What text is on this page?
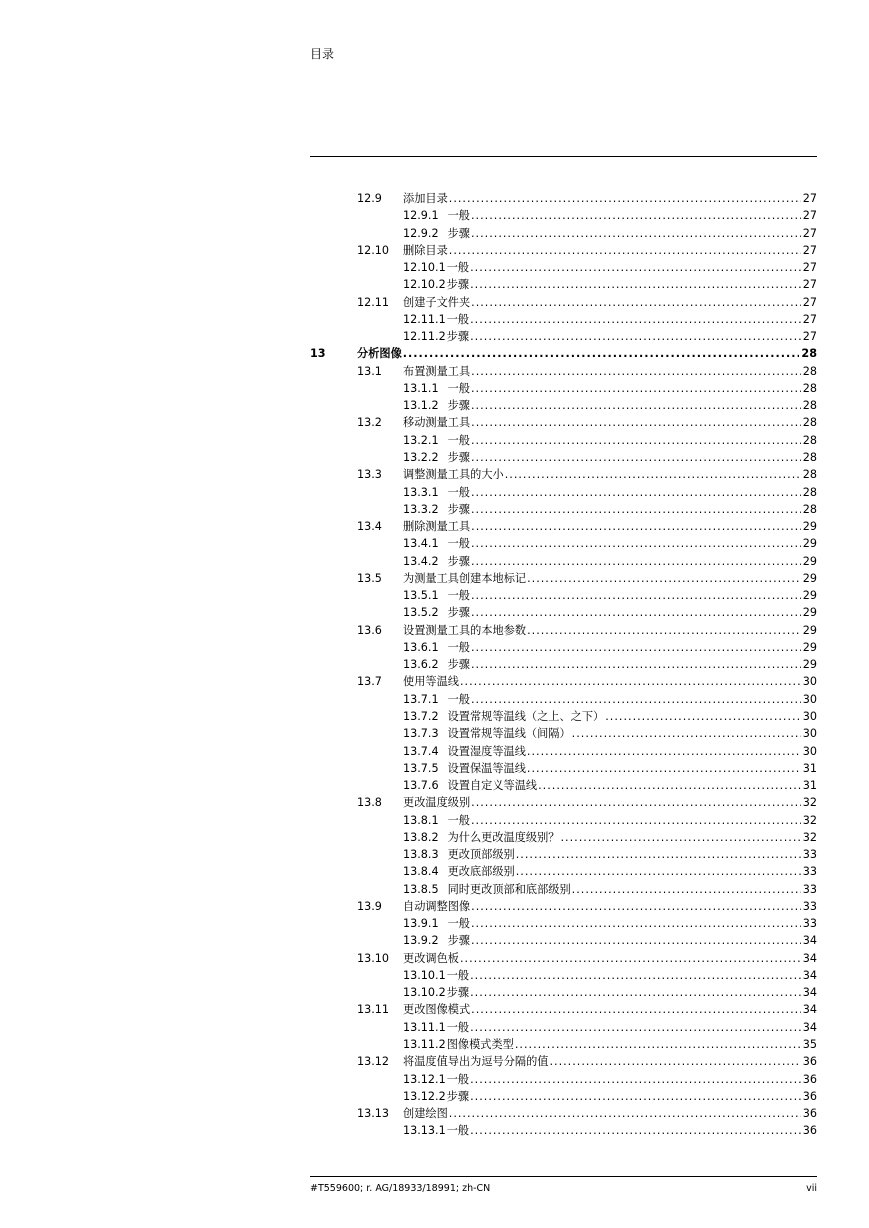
目录
12.9	添加目录 .....	27
12.9.1 一般 .....	27
12.9.2 步骤 .....	27
12.10	删除目录 .....	27
12.10.1 一般 .....	27
12.10.2 步骤 .....	27
12.11	创建子文件夹 .....	27
12.11.1 一般 .....	27
12.11.2 步骤 .....	27
13	分析图像 .....	28
13.1	布置测量工具 .....	28
13.1.1 一般 .....	28
13.1.2 步骤 .....	28
13.2	移动测量工具 .....	28
13.2.1 一般 .....	28
13.2.2 步骤 .....	28
13.3	调整测量工具的大小 .....	28
13.3.1 一般 .....	28
13.3.2 步骤 .....	28
13.4	删除测量工具 .....	29
13.4.1 一般 .....	29
13.4.2 步骤 .....	29
13.5	为测量工具创建本地标记 .....	29
13.5.1 一般 .....	29
13.5.2 步骤 .....	29
13.6	设置测量工具的本地参数 .....	29
13.6.1 一般 .....	29
13.6.2 步骤 .....	29
13.7	使用等温线 .....	30
13.7.1 一般 .....	30
13.7.2 设置常规等温线（之上、之下） .....	30
13.7.3 设置常规等温线（间隔） .....	30
13.7.4 设置湿度等温线 .....	30
13.7.5 设置保温等温线 .....	31
13.7.6 设置自定义等温线 .....	31
13.8	更改温度级别 .....	32
13.8.1 一般 .....	32
13.8.2 为什么更改温度级别？ .....	32
13.8.3 更改顶部级别 .....	33
13.8.4 更改底部级别 .....	33
13.8.5 同时更改顶部和底部级别 .....	33
13.9	自动调整图像 .....	33
13.9.1 一般 .....	33
13.9.2 步骤 .....	34
13.10	更改调色板 .....	34
13.10.1 一般 .....	34
13.10.2 步骤 .....	34
13.11	更改图像模式 .....	34
13.11.1 一般 .....	34
13.11.2 图像模式类型 .....	35
13.12	将温度值导出为逗号分隔的值 .....	36
13.12.1 一般 .....	36
13.12.2 步骤 .....	36
13.13	创建绘图 .....	36
13.13.1 一般 .....	36
#T559600; r. AG/18933/18991; zh-CN	vii
